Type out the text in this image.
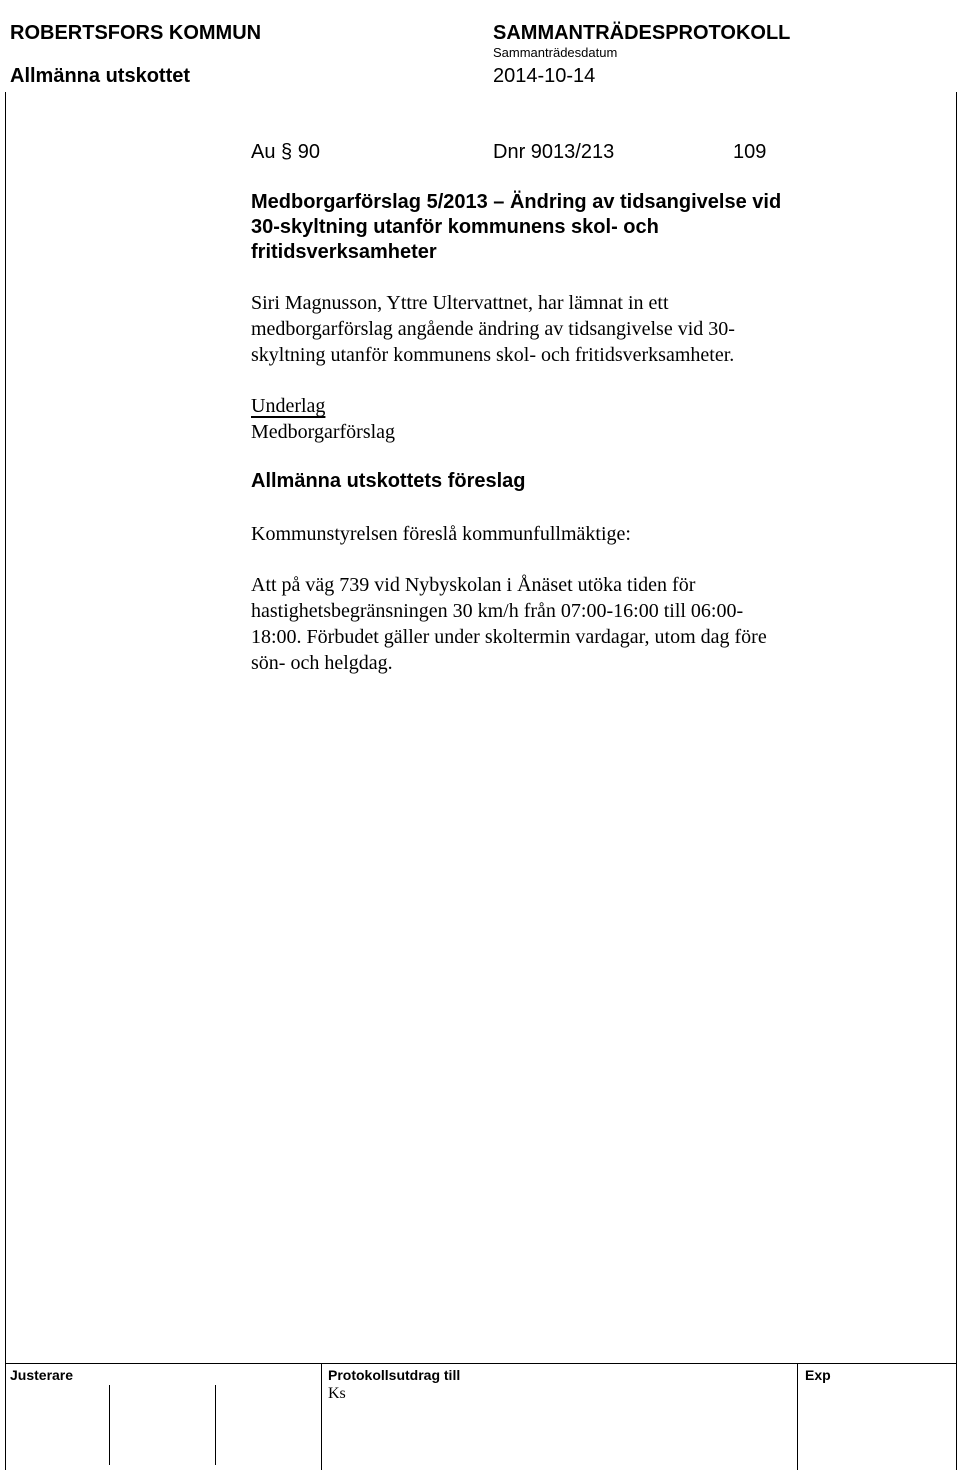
ROBERTSFORS KOMMUN
Allmänna utskottet
SAMMANTRÄDESPROTOKOLL
Sammanträdesdatum
2014-10-14
Au § 90	Dnr 9013/213	109
Medborgarförslag 5/2013 – Ändring av tidsangivelse vid
30-skyltning utanför kommunens skol- och
fritidsverksamheter
Siri Magnusson, Yttre Ultervattnet, har lämnat in ett
medborgarförslag angående ändring av tidsangivelse vid 30-
skyltning utanför kommunens skol- och fritidsverksamheter.
Underlag
Medborgarförslag
Allmänna utskottets föreslag
Kommunstyrelsen föreslå kommunfullmäktige:
Att på väg 739 vid Nybyskolan i Ånäset utöka tiden för
hastighetsbegränsningen 30 km/h från 07:00-16:00 till 06:00-
18:00. Förbudet gäller under skoltermin vardagar, utom dag före
sön- och helgdag.
Justerare	Protokollsutdrag till
Ks
Exp
